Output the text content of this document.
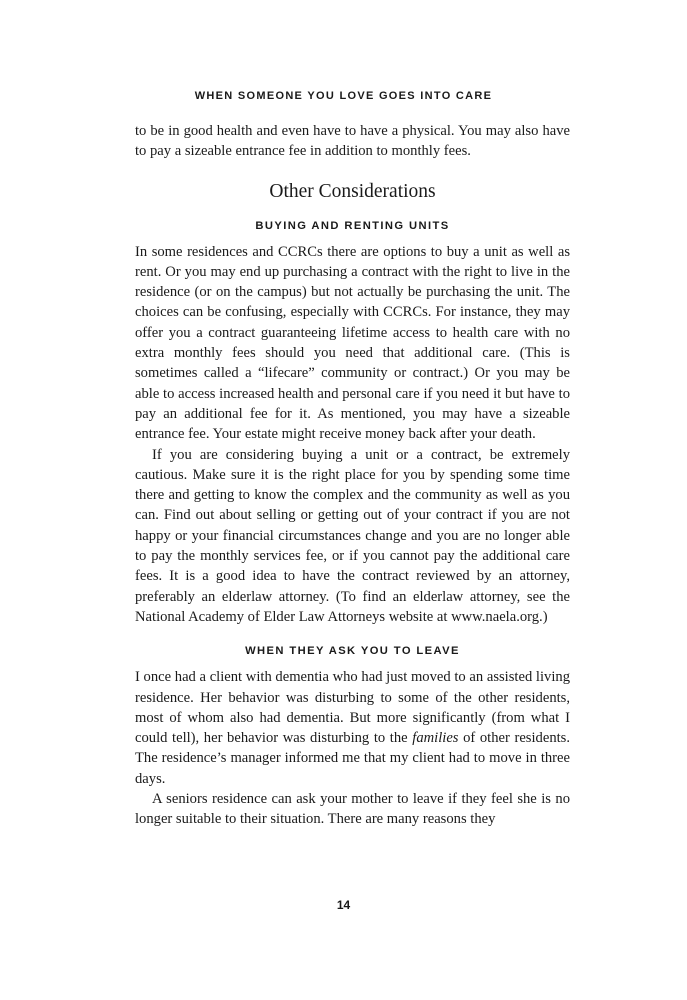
WHEN SOMEONE YOU LOVE GOES INTO CARE

to be in good health and even have to have a physical. You may also have to pay a sizeable entrance fee in addition to monthly fees.

Other Considerations
BUYING AND RENTING UNITS

In some residences and CCRCs there are options to buy a unit as well as rent. Or you may end up purchasing a contract with the right to live in the residence (or on the campus) but not actually be purchasing the unit. The choices can be confusing, especially with CCRCs. For instance, they may offer you a contract guaranteeing lifetime access to health care with no extra monthly fees should you need that additional care. (This is sometimes called a “lifecare” community or contract.) Or you may be able to access increased health and personal care if you need it but have to pay an additional fee for it. As mentioned, you may have a sizeable entrance fee. Your estate might receive money back after your death.

If you are considering buying a unit or a contract, be extremely cautious. Make sure it is the right place for you by spending some time there and getting to know the complex and the community as well as you can. Find out about selling or getting out of your contract if you are not happy or your financial circumstances change and you are no longer able to pay the monthly services fee, or if you cannot pay the additional care fees. It is a good idea to have the contract reviewed by an attorney, preferably an elderlaw attorney. (To find an elderlaw attorney, see the National Academy of Elder Law Attorneys website at www.naela.org.)

WHEN THEY ASK YOU TO LEAVE

I once had a client with dementia who had just moved to an assisted living residence. Her behavior was disturbing to some of the other residents, most of whom also had dementia. But more significantly (from what I could tell), her behavior was disturbing to the families of other residents. The residence’s manager informed me that my client had to move in three days.

A seniors residence can ask your mother to leave if they feel she is no longer suitable to their situation. There are many reasons they

14
